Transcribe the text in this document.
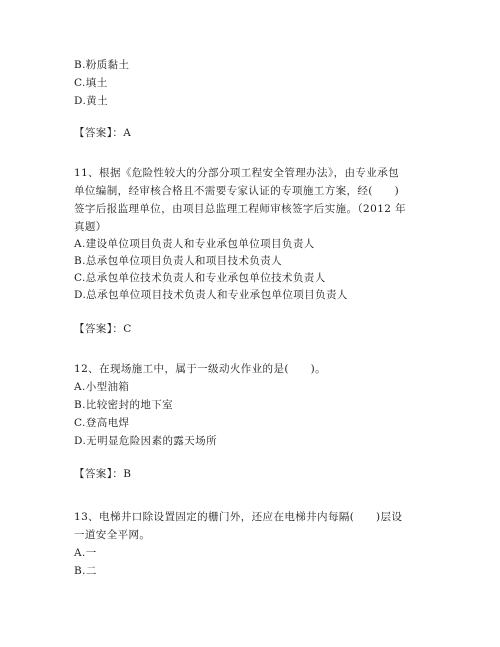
B.粉质黏土
C.填土
D.黄土
【答案】：A
11、根据《危险性较大的分部分项工程安全管理办法》，由专业承包
单位编制，经审核合格且不需要专家认证的专项施工方案，经(　　)
签字后报监理单位，由项目总监理工程师审核签字后实施。（2012 年
真题）
A.建设单位项目负责人和专业承包单位项目负责人
B.总承包单位项目负责人和项目技术负责人
C.总承包单位技术负责人和专业承包单位技术负责人
D.总承包单位项目技术负责人和专业承包单位项目负责人
【答案】：C
12、在现场施工中，属于一级动火作业的是(　　)。
A.小型油箱
B.比较密封的地下室
C.登高电焊
D.无明显危险因素的露天场所
【答案】：B
13、电梯井口除设置固定的栅门外，还应在电梯井内每隔(　　)层设
一道安全平网。
A.一
B.二
